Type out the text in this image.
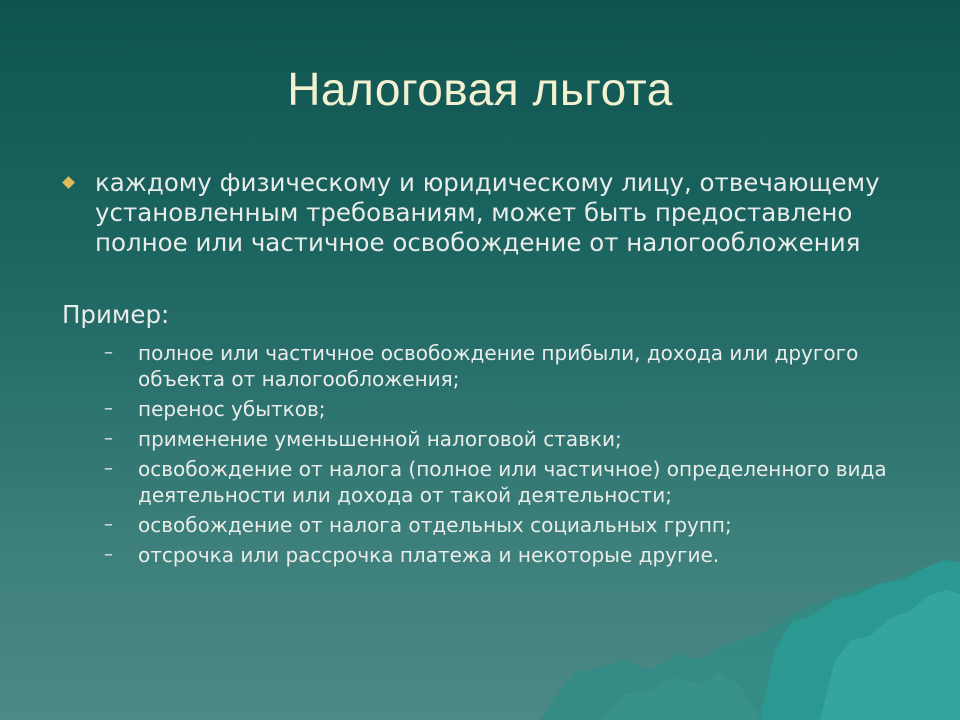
Налоговая льгота
каждому физическому и юридическому лицу, отвечающему установленным требованиям, может быть предоставлено полное или частичное освобождение от налогообложения
Пример:
– полное или частичное освобождение прибыли, дохода или другого объекта от налогообложения;
– перенос убытков;
– применение уменьшенной налоговой ставки;
– освобождение от налога (полное или частичное) определенного вида деятельности или дохода от такой деятельности;
– освобождение от налога отдельных социальных групп;
– отсрочка или рассрочка платежа и некоторые другие.
